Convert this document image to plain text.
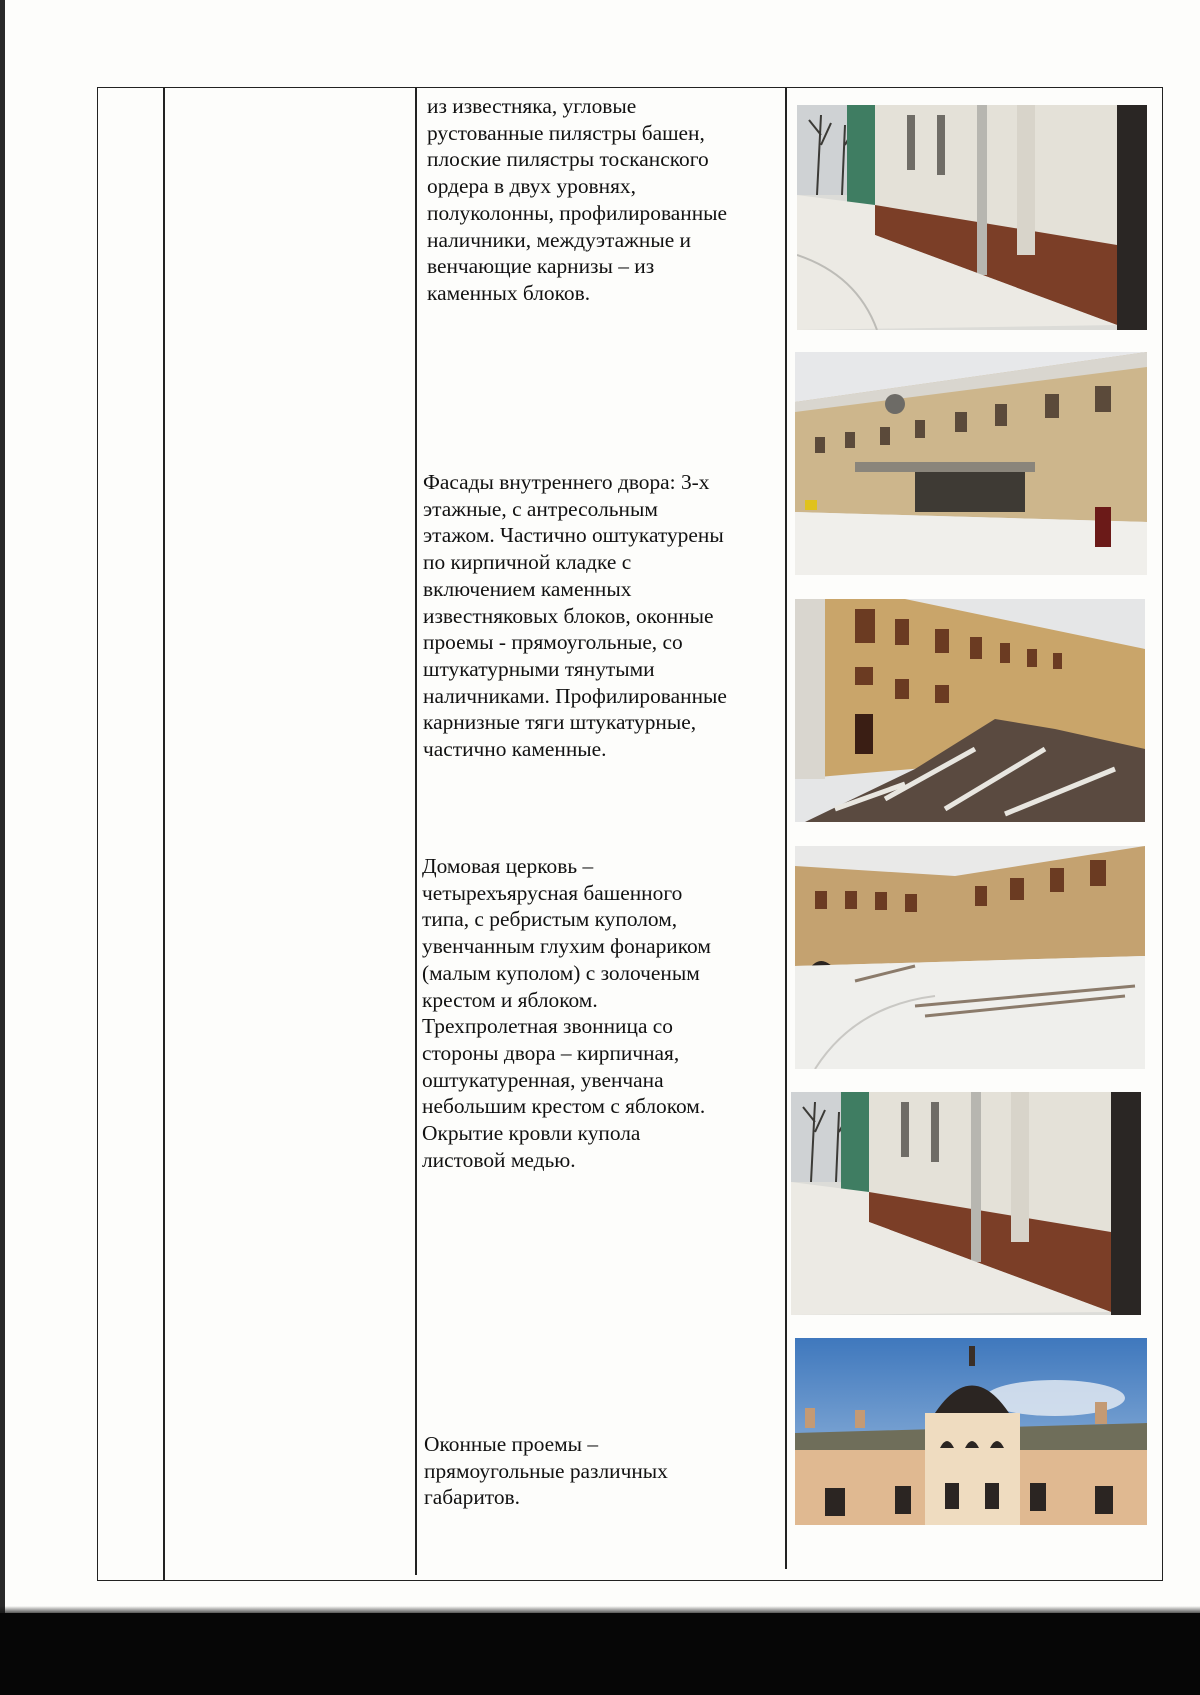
из известняка, угловые
рустованные пилястры башен,
плоские пилястры тосканского
ордера в двух уровнях,
полуколонны, профилированные
наличники, междуэтажные и
венчающие карнизы – из
каменных блоков.
Фасады внутреннего двора: 3-х
этажные, с антресольным
этажом. Частично оштукатурены
по кирпичной кладке с
включением каменных
известняковых блоков, оконные
проемы - прямоугольные, со
штукатурными тянутыми
наличниками. Профилированные
карнизные тяги штукатурные,
частично каменные.
Домовая церковь –
четырехъярусная башенного
типа, с ребристым куполом,
увенчанным глухим фонариком
(малым куполом) с золоченым
крестом и яблоком.
Трехпролетная звонница со
стороны двора – кирпичная,
оштукатуренная, увенчана
небольшим крестом с яблоком.
Окрытие кровли купола
листовой медью.
Оконные проемы –
прямоугольные различных
габаритов.
